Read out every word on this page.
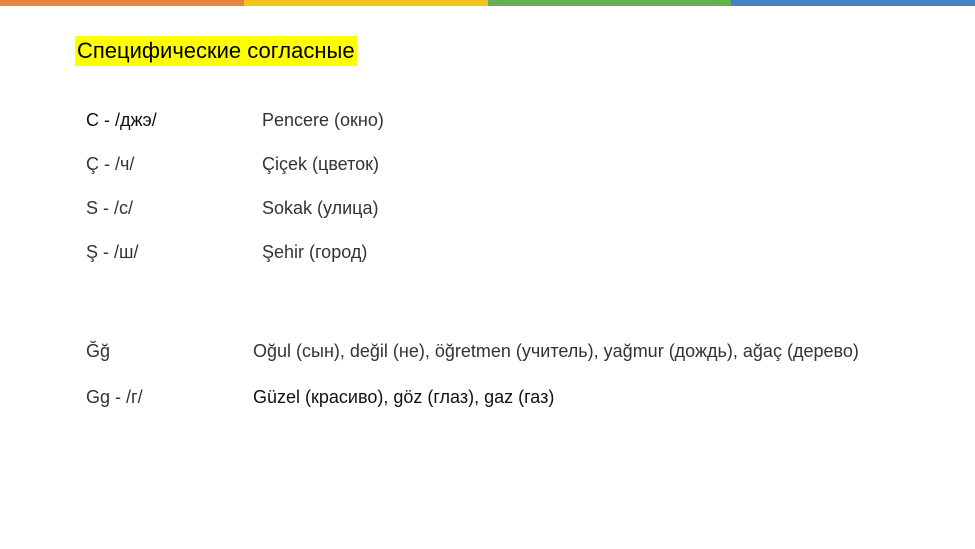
Специфические согласные
C - /джэ/	Pencere (окно)
Ç - /ч/	Çiçek (цветок)
S - /с/	Sokak (улица)
Ş - /ш/	Şehir (город)
Ğğ	Oğul (сын), değil (не), öğretmen (учитель), yağmur (дождь), ağaç (дерево)
Gg - /г/	Güzel (красиво), göz (глаз), gaz (газ)
